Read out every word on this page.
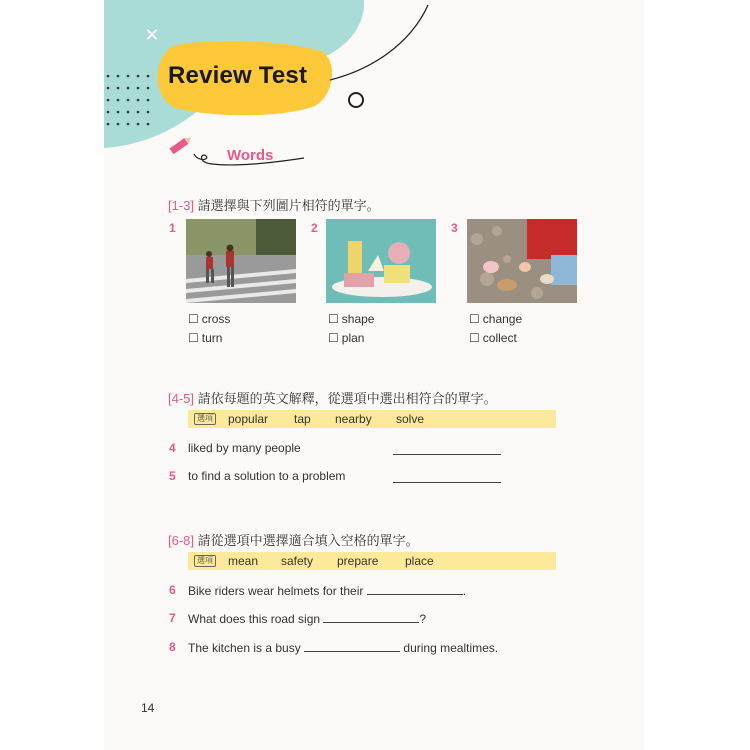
✕
Review Test
Words
[1-3] 請選擇與下列圖片相符的單字。
1	2	3
☐ cross
☐ turn
☐ shape
☐ plan
☐ change
☐ collect
[4-5] 請依每題的英文解釋，從選項中選出相符合的單字。
選項 popular tap nearby solve
4 liked by many people
5 to find a solution to a problem
[6-8] 請從選項中選擇適合填入空格的單字。
選項 mean safety prepare place
6 Bike riders wear helmets for their	.
7 What does this road sign	?
8 The kitchen is a busy	during mealtimes.
14
